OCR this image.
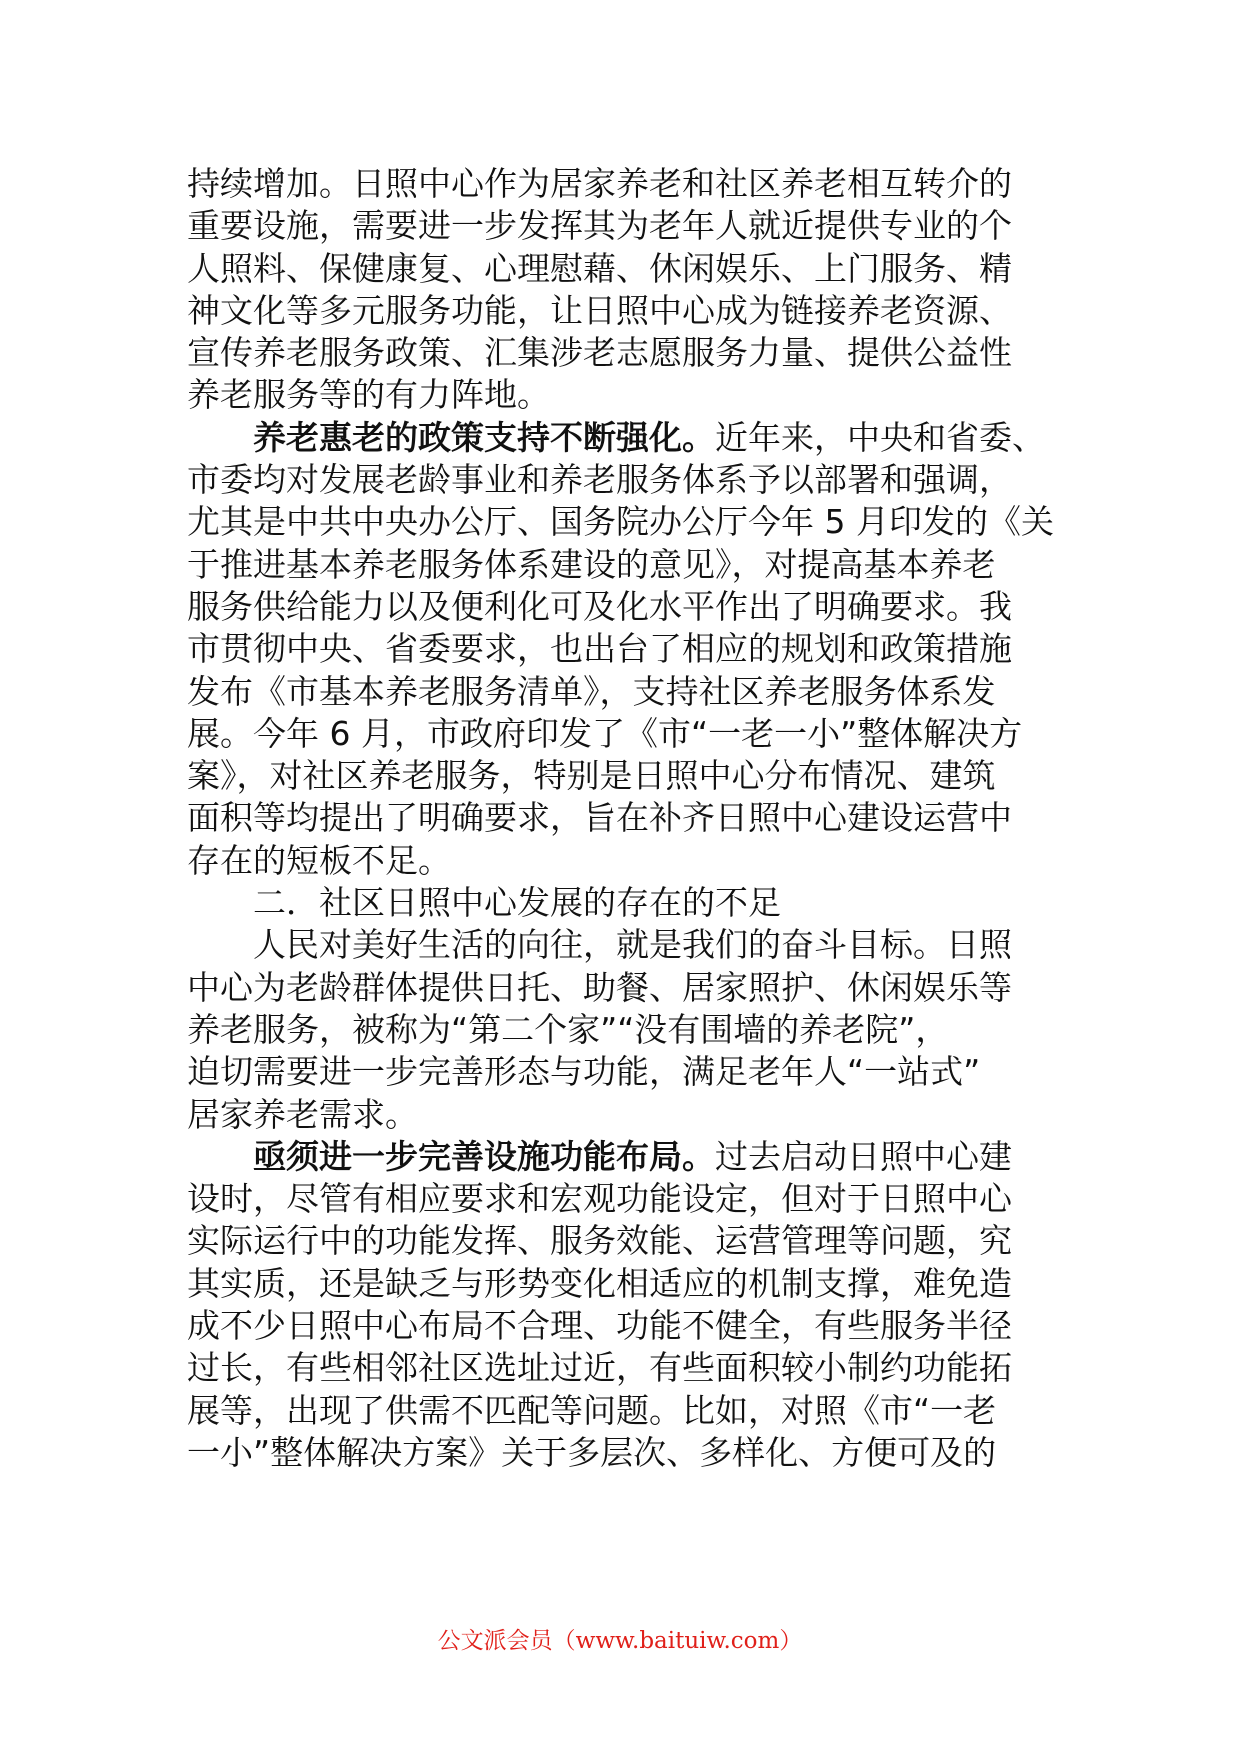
持续增加。日照中心作为居家养老和社区养老相互转介的
重要设施，需要进一步发挥其为老年人就近提供专业的个
人照料、保健康复、心理慰藉、休闲娱乐、上门服务、精
神文化等多元服务功能，让日照中心成为链接养老资源、
宣传养老服务政策、汇集涉老志愿服务力量、提供公益性
养老服务等的有力阵地。
养老惠老的政策支持不断强化。近年来，中央和省委、
市委均对发展老龄事业和养老服务体系予以部署和强调，
尤其是中共中央办公厅、国务院办公厅今年 5 月印发的《关
于推进基本养老服务体系建设的意见》，对提高基本养老
服务供给能力以及便利化可及化水平作出了明确要求。我
市贯彻中央、省委要求，也出台了相应的规划和政策措施
发布《市基本养老服务清单》，支持社区养老服务体系发
展。今年 6 月，市政府印发了《市“一老一小”整体解决方
案》，对社区养老服务，特别是日照中心分布情况、建筑
面积等均提出了明确要求，旨在补齐日照中心建设运营中
存在的短板不足。
二．社区日照中心发展的存在的不足
人民对美好生活的向往，就是我们的奋斗目标。日照
中心为老龄群体提供日托、助餐、居家照护、休闲娱乐等
养老服务，被称为“第二个家”“没有围墙的养老院”，
迫切需要进一步完善形态与功能，满足老年人“一站式”
居家养老需求。
亟须进一步完善设施功能布局。过去启动日照中心建
设时，尽管有相应要求和宏观功能设定，但对于日照中心
实际运行中的功能发挥、服务效能、运营管理等问题，究
其实质，还是缺乏与形势变化相适应的机制支撑，难免造
成不少日照中心布局不合理、功能不健全，有些服务半径
过长，有些相邻社区选址过近，有些面积较小制约功能拓
展等，出现了供需不匹配等问题。比如，对照《市“一老
一小”整体解决方案》关于多层次、多样化、方便可及的
公文派会员（www.baituiw.com）
